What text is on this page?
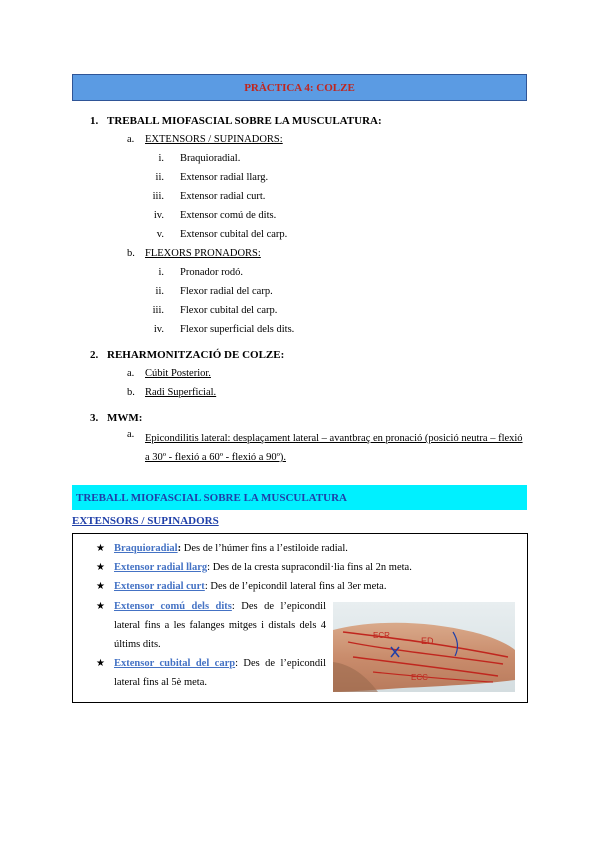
PRÀCTICA 4: COLZE
1. TREBALL MIOFASCIAL SOBRE LA MUSCULATURA:
a. EXTENSORS / SUPINADORS:
i. Braquioradial.
ii. Extensor radial llarg.
iii. Extensor radial curt.
iv. Extensor comú de dits.
v. Extensor cubital del carp.
b. FLEXORS PRONADORS:
i. Pronador rodó.
ii. Flexor radial del carp.
iii. Flexor cubital del carp.
iv. Flexor superficial dels dits.
2. REHARMONITZACIÓ DE COLZE:
a. Cúbit Posterior.
b. Radi Superficial.
3. MWM:
a.	Epicondilitis lateral: desplaçament lateral – avantbraç en pronació (posició neutra – flexió a 30º - flexió a 60º - flexió a 90º).
TREBALL MIOFASCIAL SOBRE LA MUSCULATURA
EXTENSORS / SUPINADORS
★ Braquioradial: Des de l’húmer fins a l’estiloide radial.
★ Extensor radial llarg: Des de la cresta supracondil·lia fins al 2n meta.
★ Extensor radial curt: Des de l’epicondil lateral fins al 3er meta.
★ Extensor comú dels dits: Des de l’epicondil lateral fins a les falanges mitges i distals dels 4 últims dits.
★ Extensor cubital del carp: Des de l’epicondil lateral fins al 5è meta.
ED
ECC
ECR
